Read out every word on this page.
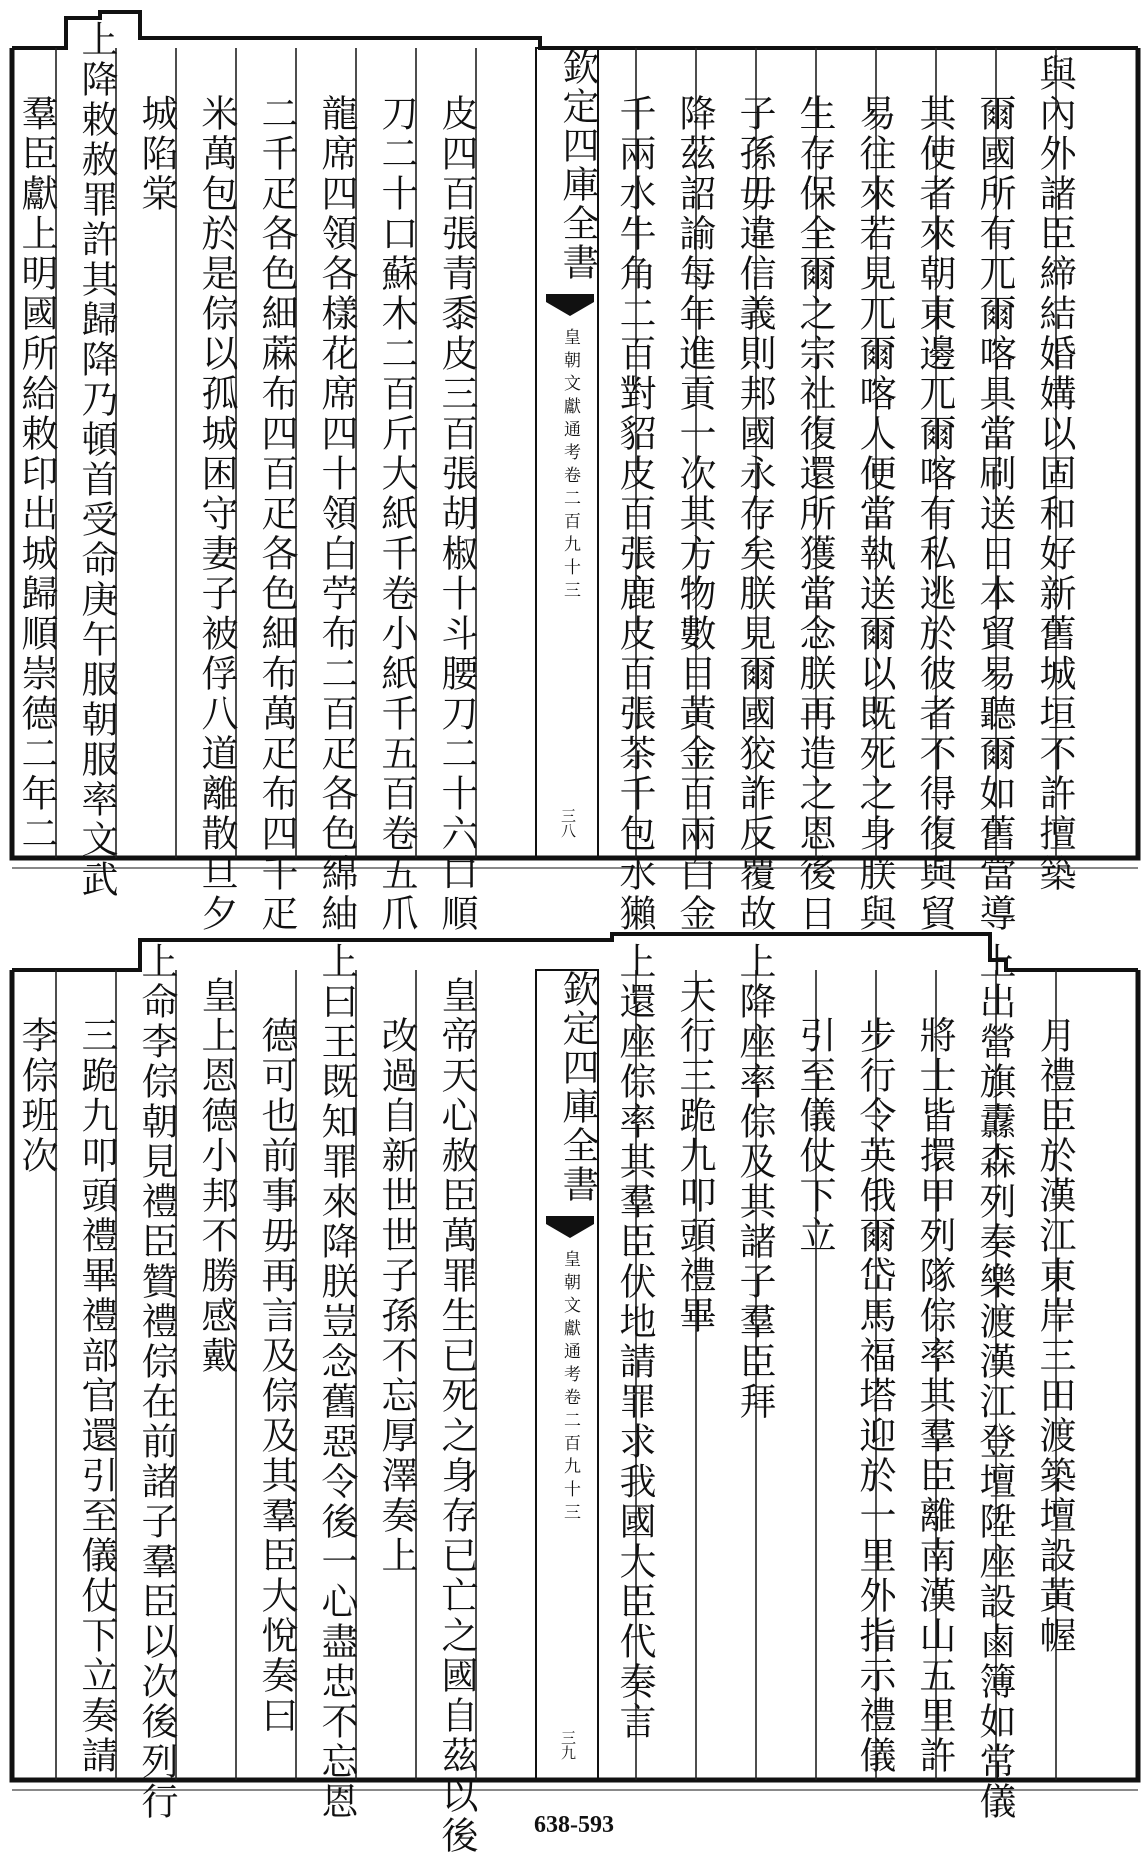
與內外諸臣締結婚媾以固和好新舊城垣不許擅築
爾國所有兀爾喀具當刷送日本貿易聽爾如舊當導
其使者來朝東邊兀爾喀有私逃於彼者不得復與貿
易往來若見兀爾喀人便當執送爾以既死之身朕與
生存保全爾之宗社復還所獲當念朕再造之恩後日
子孫毋違信義則邦國永存矣朕見爾國狡詐反覆故
降茲詔諭每年進貢一次其方物數目黃金百兩白金
千兩水牛角二百對貂皮百張鹿皮百張茶千包水獺
皮四百張青黍皮三百張胡椒十斗腰刀二十六口順
刀二十口蘇木二百斤大紙千卷小紙千五百卷五爪
龍席四領各樣花席四十領白苧布二百疋各色綿紬
二千疋各色細蔴布四百疋各色細布萬疋布四千疋
米萬包於是倧以孤城困守妻子被俘八道離散旦夕
城陷棠
上降敕赦罪許其歸降乃頓首受命庚午服朝服率文武
羣臣獻上明國所給敕印出城歸順崇德二年二	欽定四庫全書
皇朝文獻通考卷二百九十三
三八
月禮臣於漢江東岸三田渡築壇設黃幄
上出營旗纛森列奏樂渡漢江登壇陞座設鹵簿如常儀
將士皆擐甲列隊倧率其羣臣離南漢山五里許
步行令英俄爾岱馬福塔迎於一里外指示禮儀
引至儀仗下立
上降座率倧及其諸子羣臣拜
天行三跪九叩頭禮畢
上還座倧率其羣臣伏地請罪求我國大臣代奏言
皇帝天心赦臣萬罪生已死之身存已亡之國自茲以後
改過自新世世子孫不忘厚澤奏上
上曰王既知罪來降朕豈念舊惡令後一心盡忠不忘恩
德可也前事毋再言及倧及其羣臣大悅奏曰
皇上恩德小邦不勝感戴
上命李倧朝見禮臣贊禮倧在前諸子羣臣以次後列行
三跪九叩頭禮畢禮部官還引至儀仗下立奏請
李倧班次	欽定四庫全書
皇朝文獻通考卷二百九十三
三九
638-593
